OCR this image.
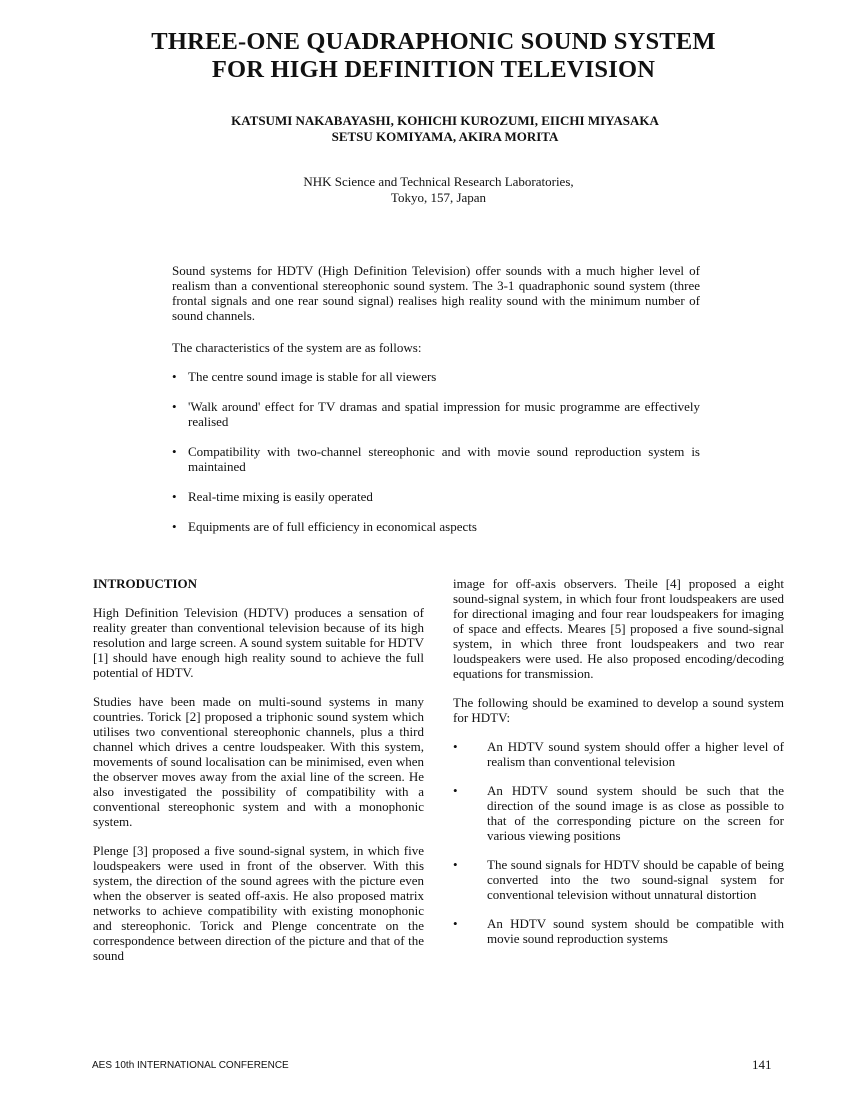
THREE-ONE QUADRAPHONIC SOUND SYSTEM
FOR HIGH DEFINITION TELEVISION
KATSUMI NAKABAYASHI, KOHICHI KUROZUMI, EIICHI MIYASAKA
SETSU KOMIYAMA, AKIRA MORITA
NHK Science and Technical Research Laboratories,
Tokyo, 157, Japan

Sound systems for HDTV (High Definition Television) offer sounds with a much higher level of realism than a conventional stereophonic sound system. The 3-1 quadraphonic sound system (three frontal signals and one rear sound signal) realises high reality sound with the minimum number of sound channels.

The characteristics of the system are as follows:

• The centre sound image is stable for all viewers
• 'Walk around' effect for TV dramas and spatial impression for music programme are effectively realised
• Compatibility with two-channel stereophonic and with movie sound reproduction system is maintained
• Real-time mixing is easily operated
• Equipments are of full efficiency in economical aspects
INTRODUCTION

High Definition Television (HDTV) produces a sensation of reality greater than conventional television because of its high resolution and large screen. A sound system suitable for HDTV [1] should have enough high reality sound to achieve the full potential of HDTV.

Studies have been made on multi-sound systems in many countries. Torick [2] proposed a triphonic sound system which utilises two conventional stereophonic channels, plus a third channel which drives a centre loudspeaker. With this system, movements of sound localisation can be minimised, even when the observer moves away from the axial line of the screen. He also investigated the possibility of compatibility with a conventional stereophonic system and with a monophonic system.

Plenge [3] proposed a five sound-signal system, in which five loudspeakers were used in front of the observer. With this system, the direction of the sound agrees with the picture even when the observer is seated off-axis. He also proposed matrix networks to achieve compatibility with existing monophonic and stereophonic. Torick and Plenge concentrate on the correspondence between direction of the picture and that of the sound

image for off-axis observers. Theile [4] proposed a eight sound-signal system, in which four front loudspeakers are used for directional imaging and four rear loudspeakers for imaging of space and effects. Meares [5] proposed a five sound-signal system, in which three front loudspeakers and two rear loudspeakers were used. He also proposed encoding/decoding equations for transmission.

The following should be examined to develop a sound system for HDTV:

• An HDTV sound system should offer a higher level of realism than conventional television
• An HDTV sound system should be such that the direction of the sound image is as close as possible to that of the corresponding picture on the screen for various viewing positions
• The sound signals for HDTV should be capable of being converted into the two sound-signal system for conventional television without unnatural distortion
• An HDTV sound system should be compatible with movie sound reproduction systems
AES 10th INTERNATIONAL CONFERENCE	141
